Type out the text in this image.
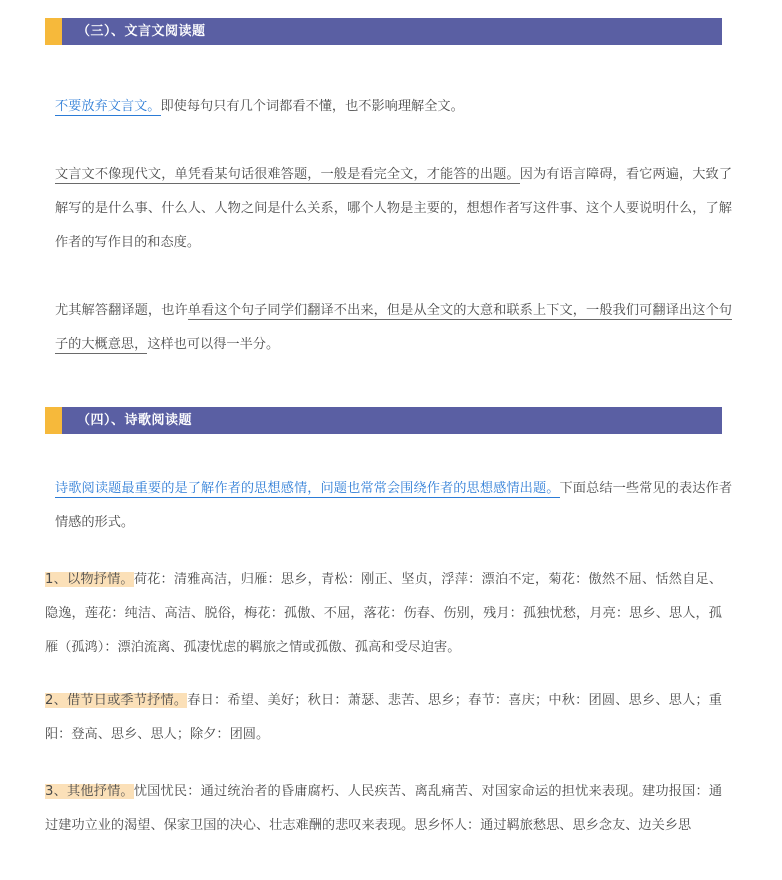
（三）、文言文阅读题
不要放弃文言文。即使每句只有几个词都看不懂，也不影响理解全文。
文言文不像现代文，单凭看某句话很难答题，一般是看完全文，才能答的出题。因为有语言障碍，看它两遍，大致了解写的是什么事、什么人、人物之间是什么关系，哪个人物是主要的，想想作者写这件事、这个人要说明什么，了解作者的写作目的和态度。
尤其解答翻译题，也许单看这个句子同学们翻译不出来，但是从全文的大意和联系上下文，一般我们可翻译出这个句子的大概意思，这样也可以得一半分。
（四）、诗歌阅读题
诗歌阅读题最重要的是了解作者的思想感情，问题也常常会围绕作者的思想感情出题。下面总结一些常见的表达作者情感的形式。
1、以物抒情。荷花：清雅高洁，归雁：思乡，青松：刚正、坚贞，浮萍：漂泊不定，菊花：傲然不屈、恬然自足、隐逸，莲花：纯洁、高洁、脱俗，梅花：孤傲、不屈，落花：伤春、伤别，残月：孤独忧愁，月亮：思乡、思人，孤雁（孤鸿）：漂泊流离、孤凄忧虑的羁旅之情或孤傲、孤高和受尽迫害。
2、借节日或季节抒情。春日：希望、美好；秋日：萧瑟、悲苦、思乡；春节：喜庆；中秋：团圆、思乡、思人；重阳：登高、思乡、思人；除夕：团圆。
3、其他抒情。忧国忧民：通过统治者的昏庸腐朽、人民疾苦、离乱痛苦、对国家命运的担忧来表现。建功报国：通过建功立业的渴望、保家卫国的决心、壮志难酬的悲叹来表现。思乡怀人：通过羁旅愁思、思乡念友、边关乡思
